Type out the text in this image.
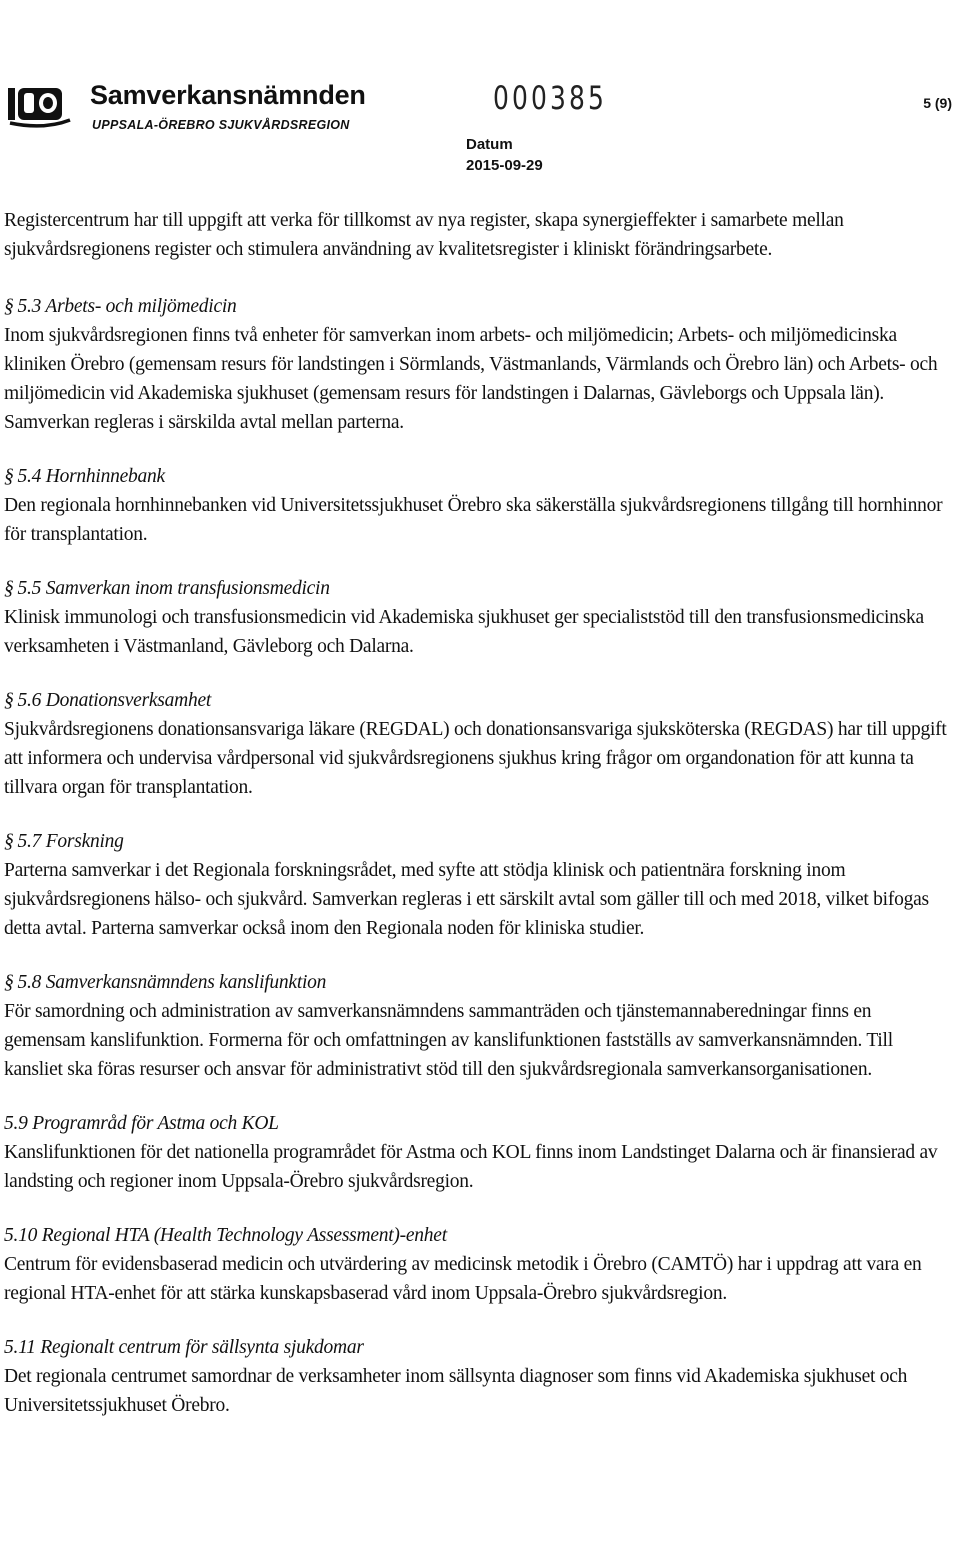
Samverkansnämnden
UPPSALA-ÖREBRO SJUKVÅRDSREGION
000385
Datum
2015-09-29
5 (9)

Registercentrum har till uppgift att verka för tillkomst av nya register, skapa synergieffekter i samarbete mellan sjukvårdsregionens register och stimulera användning av kvalitetsregister i kliniskt förändringsarbete.

§ 5.3 Arbets- och miljömedicin

Inom sjukvårdsregionen finns två enheter för samverkan inom arbets- och miljömedicin; Arbets- och miljömedicinska kliniken Örebro (gemensam resurs för landstingen i Sörmlands, Västmanlands, Värmlands och Örebro län) och Arbets- och miljömedicin vid Akademiska sjukhuset (gemensam resurs för landstingen i Dalarnas, Gävleborgs och Uppsala län). Samverkan regleras i särskilda avtal mellan parterna.

§ 5.4 Hornhinnebank

Den regionala hornhinnebanken vid Universitetssjukhuset Örebro ska säkerställa sjukvårdsregionens tillgång till hornhinnor för transplantation.

§ 5.5 Samverkan inom transfusionsmedicin

Klinisk immunologi och transfusionsmedicin vid Akademiska sjukhuset ger specialiststöd till den transfusionsmedicinska verksamheten i Västmanland, Gävleborg och Dalarna.

§ 5.6 Donationsverksamhet

Sjukvårdsregionens donationsansvariga läkare (REGDAL) och donationsansvariga sjuksköterska (REGDAS) har till uppgift att informera och undervisa vårdpersonal vid sjukvårdsregionens sjukhus kring frågor om organdonation för att kunna ta tillvara organ för transplantation.

§ 5.7 Forskning

Parterna samverkar i det Regionala forskningsrådet, med syfte att stödja klinisk och patientnära forskning inom sjukvårdsregionens hälso- och sjukvård. Samverkan regleras i ett särskilt avtal som gäller till och med 2018, vilket bifogas detta avtal. Parterna samverkar också inom den Regionala noden för kliniska studier.

§ 5.8 Samverkansnämndens kanslifunktion

För samordning och administration av samverkansnämndens sammanträden och tjänstemannaberedningar finns en gemensam kanslifunktion. Formerna för och omfattningen av kanslifunktionen fastställs av samverkansnämnden. Till kansliet ska föras resurser och ansvar för administrativt stöd till den sjukvårdsregionala samverkansorganisationen.

5.9 Programråd för Astma och KOL

Kanslifunktionen för det nationella programrådet för Astma och KOL finns inom Landstinget Dalarna och är finansierad av landsting och regioner inom Uppsala-Örebro sjukvårdsregion.

5.10 Regional HTA (Health Technology Assessment)-enhet

Centrum för evidensbaserad medicin och utvärdering av medicinsk metodik i Örebro (CAMTÖ) har i uppdrag att vara en regional HTA-enhet för att stärka kunskapsbaserad vård inom Uppsala-Örebro sjukvårdsregion.

5.11 Regionalt centrum för sällsynta sjukdomar

Det regionala centrumet samordnar de verksamheter inom sällsynta diagnoser som finns vid Akademiska sjukhuset och Universitetssjukhuset Örebro.
